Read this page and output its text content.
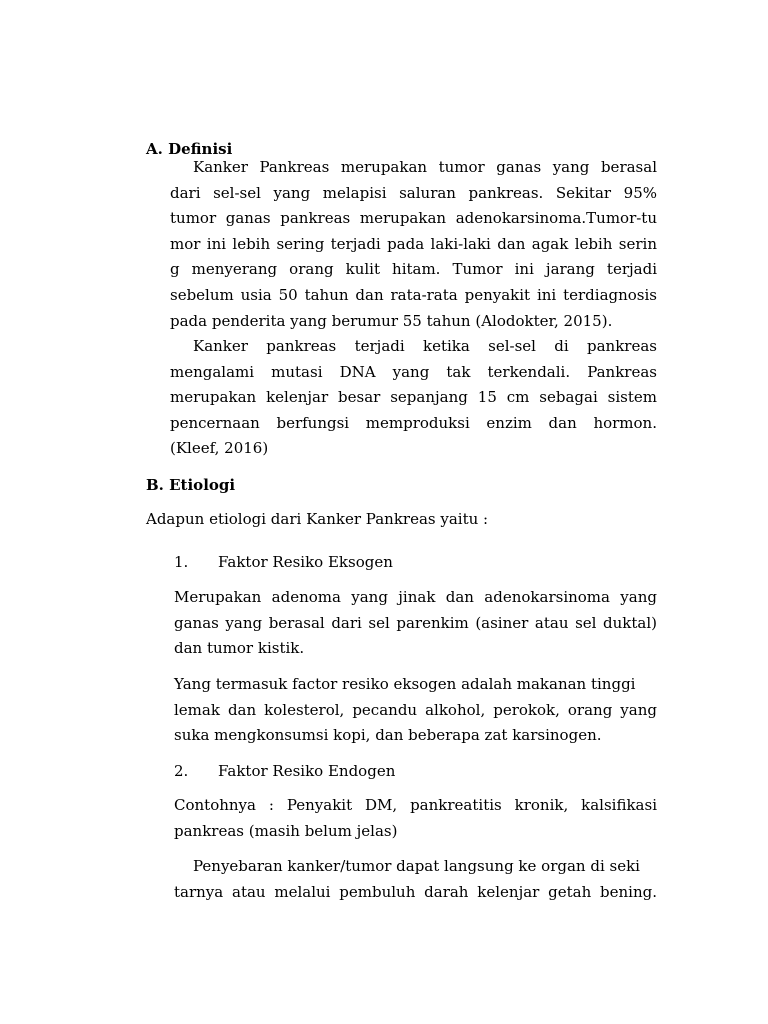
A. Definisi
Kanker Pankreas merupakan tumor ganas yang berasal
dari sel-sel yang melapisi saluran pankreas. Sekitar 95%
tumor ganas pankreas merupakan adenokarsinoma.Tumor-tu
mor ini lebih sering terjadi pada laki-laki dan agak lebih serin
g menyerang orang kulit hitam. Tumor ini jarang terjadi
sebelum usia 50 tahun dan rata-rata penyakit ini terdiagnosis
pada penderita yang berumur 55 tahun (Alodokter, 2015).
Kanker pankreas terjadi ketika sel-sel di pankreas
mengalami mutasi DNA yang tak terkendali. Pankreas
merupakan kelenjar besar sepanjang 15 cm sebagai sistem
pencernaan berfungsi memproduksi enzim dan hormon.
(Kleef, 2016)
B. Etiologi
Adapun etiologi dari Kanker Pankreas yaitu :
1. Faktor Resiko Eksogen
Merupakan adenoma yang jinak dan adenokarsinoma yang
ganas yang berasal dari sel parenkim (asiner atau sel duktal)
dan tumor kistik.
Yang termasuk factor resiko eksogen adalah makanan tinggi
lemak dan kolesterol, pecandu alkohol, perokok, orang yang
suka mengkonsumsi kopi, dan beberapa zat karsinogen.
2. Faktor Resiko Endogen
Contohnya : Penyakit DM, pankreatitis kronik, kalsifikasi
pankreas (masih belum jelas)
Penyebaran kanker/tumor dapat langsung ke organ di seki
tarnya atau melalui pembuluh darah kelenjar getah bening.
